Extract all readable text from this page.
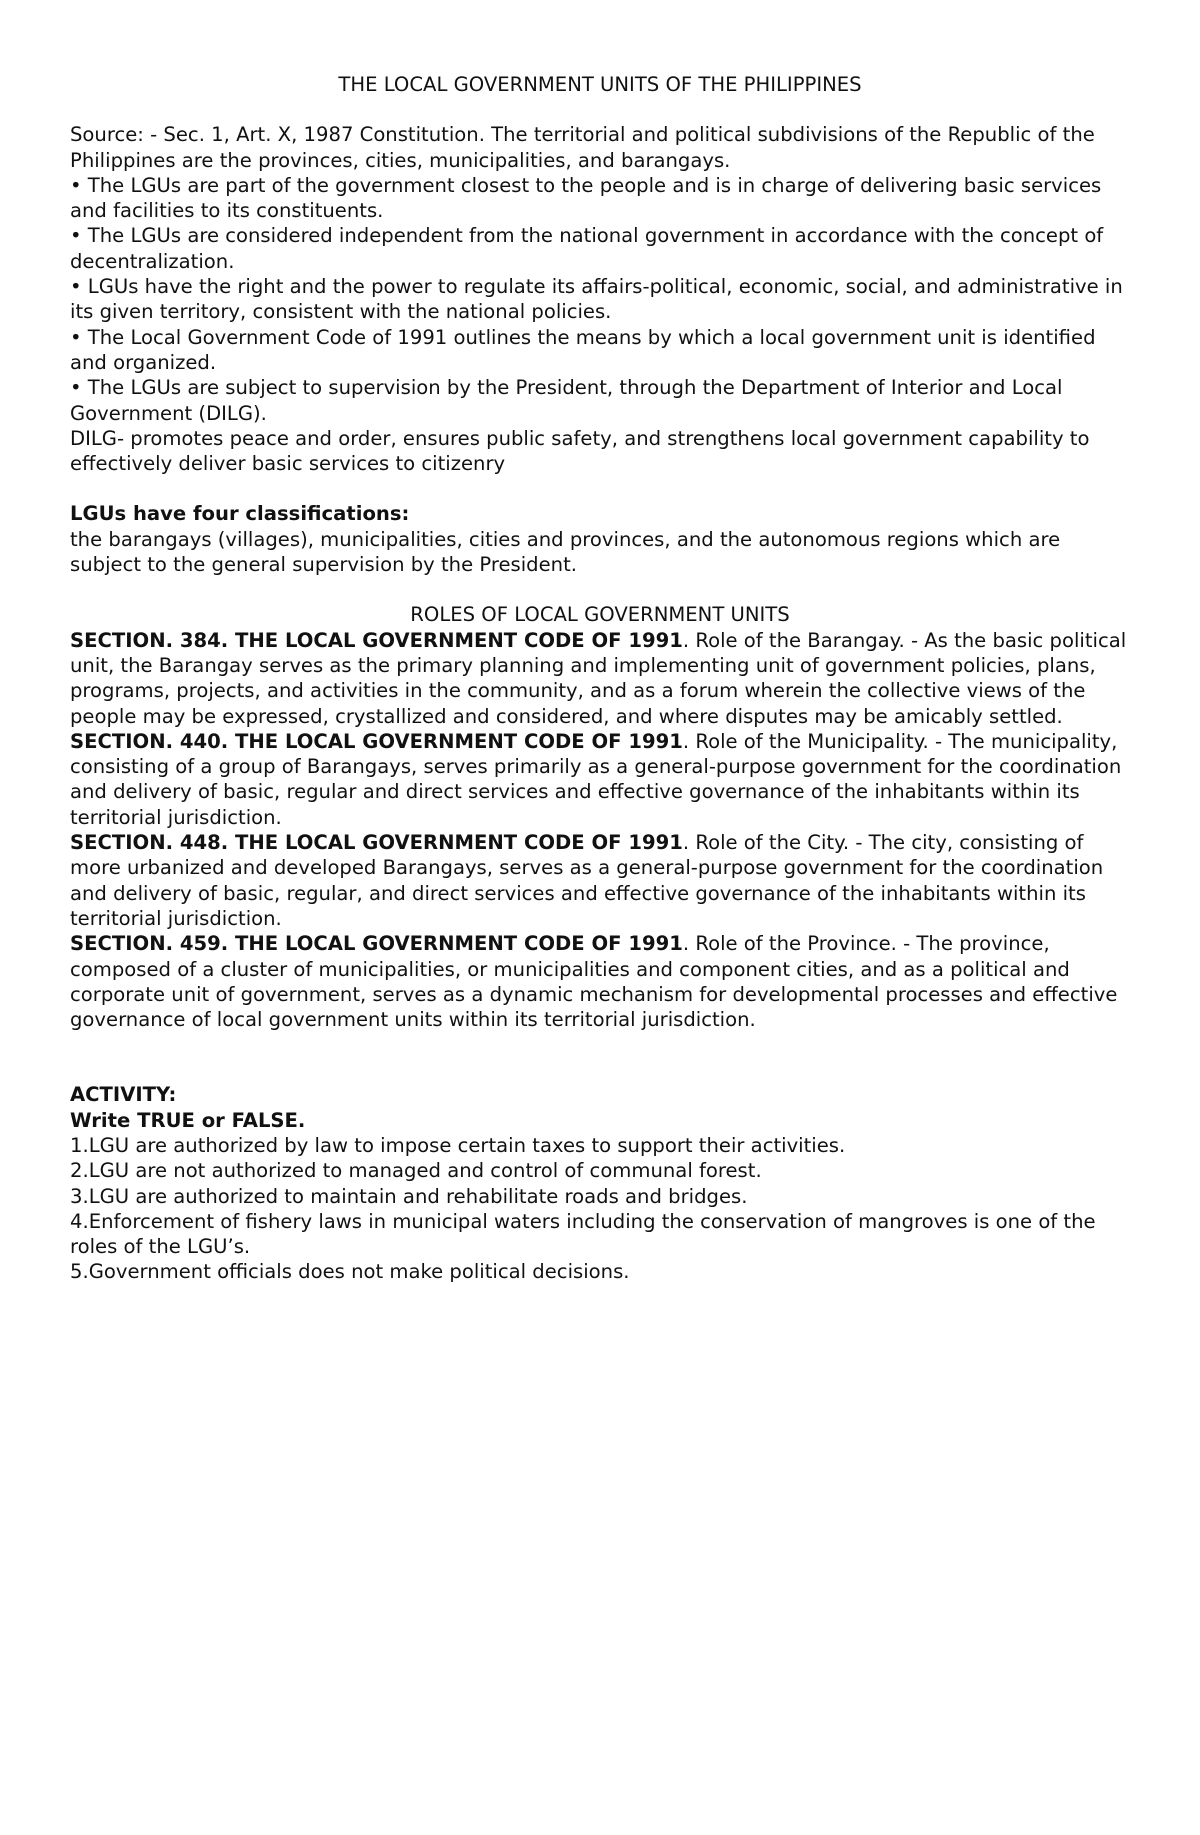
THE LOCAL GOVERNMENT UNITS OF THE PHILIPPINES

Source: - Sec. 1, Art. X, 1987 Constitution. The territorial and political subdivisions of the Republic of the Philippines are the provinces, cities, municipalities, and barangays.

• The LGUs are part of the government closest to the people and is in charge of delivering basic services and facilities to its constituents.

• The LGUs are considered independent from the national government in accordance with the concept of decentralization.

• LGUs have the right and the power to regulate its affairs-political, economic, social, and administrative in its given territory, consistent with the national policies.

• The Local Government Code of 1991 outlines the means by which a local government unit is identified and organized.

• The LGUs are subject to supervision by the President, through the Department of Interior and Local Government (DILG).

DILG- promotes peace and order, ensures public safety, and strengthens local government capability to effectively deliver basic services to citizenry

LGUs have four classifications:

the barangays (villages), municipalities, cities and provinces, and the autonomous regions which are subject to the general supervision by the President.

ROLES OF LOCAL GOVERNMENT UNITS

SECTION. 384. THE LOCAL GOVERNMENT CODE OF 1991. Role of the Barangay. - As the basic political unit, the Barangay serves as the primary planning and implementing unit of government policies, plans, programs, projects, and activities in the community, and as a forum wherein the collective views of the people may be expressed, crystallized and considered, and where disputes may be amicably settled.

SECTION. 440. THE LOCAL GOVERNMENT CODE OF 1991. Role of the Municipality. - The municipality, consisting of a group of Barangays, serves primarily as a general-purpose government for the coordination and delivery of basic, regular and direct services and effective governance of the inhabitants within its territorial jurisdiction.

SECTION. 448. THE LOCAL GOVERNMENT CODE OF 1991. Role of the City. - The city, consisting of more urbanized and developed Barangays, serves as a general-purpose government for the coordination and delivery of basic, regular, and direct services and effective governance of the inhabitants within its territorial jurisdiction.

SECTION. 459. THE LOCAL GOVERNMENT CODE OF 1991. Role of the Province. - The province, composed of a cluster of municipalities, or municipalities and component cities, and as a political and corporate unit of government, serves as a dynamic mechanism for developmental processes and effective governance of local government units within its territorial jurisdiction.

ACTIVITY:

Write TRUE or FALSE.

1.LGU are authorized by law to impose certain taxes to support their activities.

2.LGU are not authorized to managed and control of communal forest.

3.LGU are authorized to maintain and rehabilitate roads and bridges.

4.Enforcement of fishery laws in municipal waters including the conservation of mangroves is one of the roles of the LGU’s.

5.Government officials does not make political decisions.
